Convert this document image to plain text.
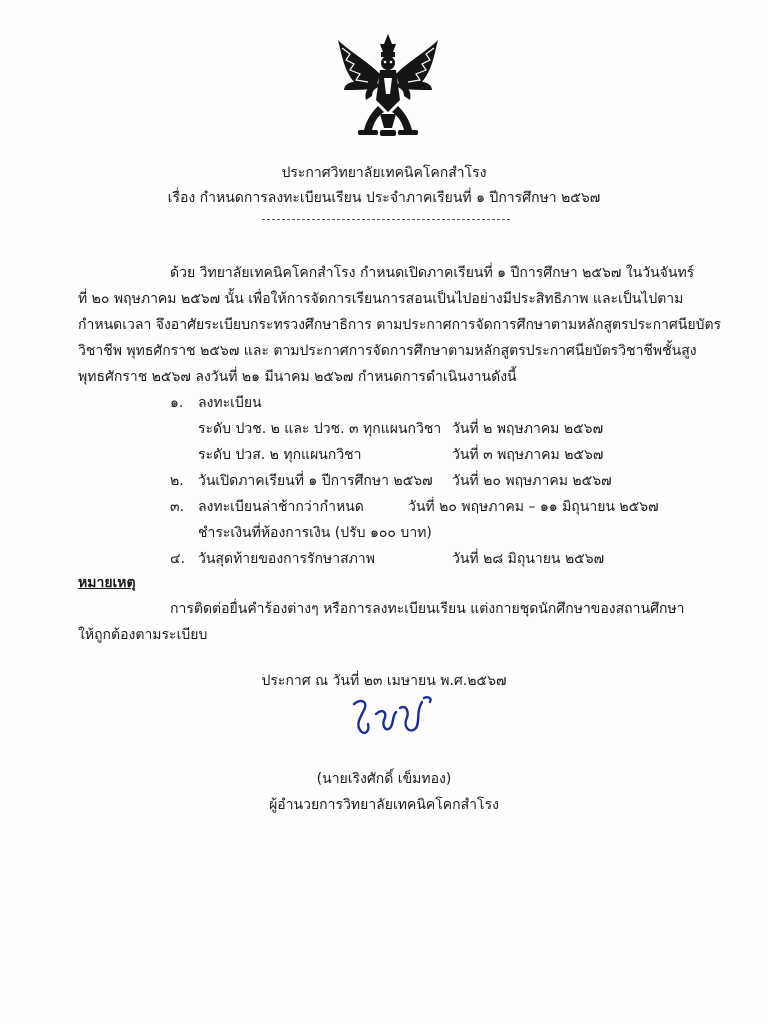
ประกาศวิทยาลัยเทคนิคโคกสำโรง
เรื่อง กำหนดการลงทะเบียนเรียน ประจำภาคเรียนที่ ๑ ปีการศึกษา ๒๕๖๗
ด้วย วิทยาลัยเทคนิคโคกสำโรง กำหนดเปิดภาคเรียนที่ ๑ ปีการศึกษา ๒๕๖๗ ในวันจันทร์
ที่ ๒๐ พฤษภาคม ๒๕๖๗ นั้น เพื่อให้การจัดการเรียนการสอนเป็นไปอย่างมีประสิทธิภาพ และเป็นไปตาม
กำหนดเวลา จึงอาศัยระเบียบกระทรวงศึกษาธิการ ตามประกาศการจัดการศึกษาตามหลักสูตรประกาศนียบัตร
วิชาชีพ พุทธศักราช ๒๕๖๗ และ ตามประกาศการจัดการศึกษาตามหลักสูตรประกาศนียบัตรวิชาชีพชั้นสูง
พุทธศักราช ๒๕๖๗ ลงวันที่ ๒๑ มีนาคม ๒๕๖๗ กำหนดการดำเนินงานดังนี้
๑. ลงทะเบียน
ระดับ ปวช. ๒ และ ปวช. ๓ ทุกแผนกวิชา วันที่ ๒ พฤษภาคม ๒๕๖๗
ระดับ ปวส. ๒ ทุกแผนกวิชา	วันที่ ๓ พฤษภาคม ๒๕๖๗
๒. วันเปิดภาคเรียนที่ ๑ ปีการศึกษา ๒๕๖๗ วันที่ ๒๐ พฤษภาคม ๒๕๖๗
๓. ลงทะเบียนล่าช้ากว่ากำหนด	วันที่ ๒๐ พฤษภาคม – ๑๑ มิถุนายน ๒๕๖๗
ชำระเงินที่ห้องการเงิน (ปรับ ๑๐๐ บาท)
๔. วันสุดท้ายของการรักษาสภาพ	วันที่ ๒๘ มิถุนายน ๒๕๖๗
หมายเหตุ
การติดต่อยื่นคำร้องต่างๆ หรือการลงทะเบียนเรียน แต่งกายชุดนักศึกษาของสถานศึกษา
ให้ถูกต้องตามระเบียบ
ประกาศ ณ วันที่ ๒๓ เมษายน พ.ศ.๒๕๖๗
(นายเริงศักดิ์ เข็มทอง)
ผู้อำนวยการวิทยาลัยเทคนิคโคกสำโรง
